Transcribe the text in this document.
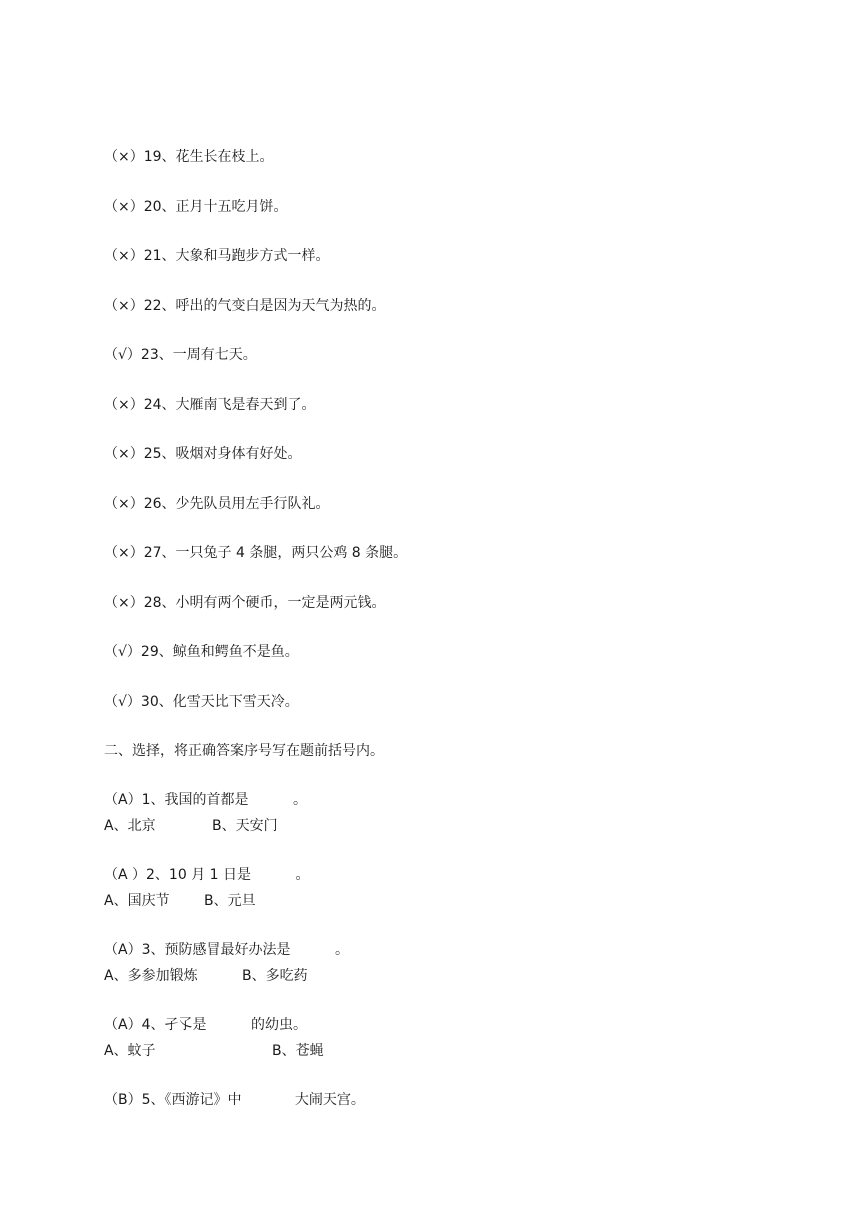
（×）19、花生长在枝上。
（×）20、正月十五吃月饼。
（×）21、大象和马跑步方式一样。
（×）22、呼出的气变白是因为天气为热的。
（√）23、一周有七天。
（×）24、大雁南飞是春天到了。
（×）25、吸烟对身体有好处。
（×）26、少先队员用左手行队礼。
（×）27、一只兔子 4 条腿，两只公鸡 8 条腿。
（×）28、小明有两个硬币，一定是两元钱。
（√）29、鲸鱼和鳄鱼不是鱼。
（√）30、化雪天比下雪天冷。
二、选择，将正确答案序号写在题前括号内。
（A）1、我国的首都是          。
A、北京	B、天安门
（A ）2、10 月 1 日是          。
A、国庆节 B、元旦
（A）3、预防感冒最好办法是          。
A、多参加锻炼	B、多吃药
（A）4、孑孓是          的幼虫。
A、蚊子	B、苍蝇
（B）5、《西游记》中            大闹天宫。
